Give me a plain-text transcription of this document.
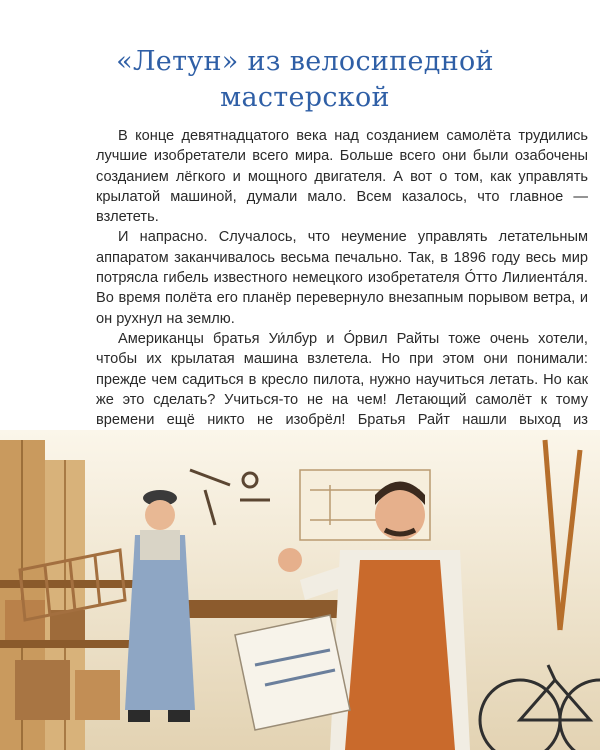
«Летун» из велосипедной
мастерской

В конце девятнадцатого века над созданием самолёта трудились лучшие изобретатели всего мира. Больше всего они были озабочены созданием лёгкого и мощного двигателя. А вот о том, как управлять крылатой машиной, думали мало. Всем казалось, что главное — взлететь.

И напрасно. Случалось, что неумение управлять летательным аппаратом заканчивалось весьма печально. Так, в 1896 году весь мир потрясла гибель известного немецкого изобретателя О́тто Лилиента́ля. Во время полёта его планёр перевернуло внезапным порывом ветра, и он рухнул на землю.

Американцы братья Уи́лбур и О́рвил Райты тоже очень хотели, чтобы их крылатая машина взлетела. Но при этом они понимали: прежде чем садиться в кресло пилота, нужно научиться летать. Но как же это сделать? Учиться-то не на чем! Летающий самолёт к тому времени ещё никто не изобрёл! Братья Райт нашли выход из
